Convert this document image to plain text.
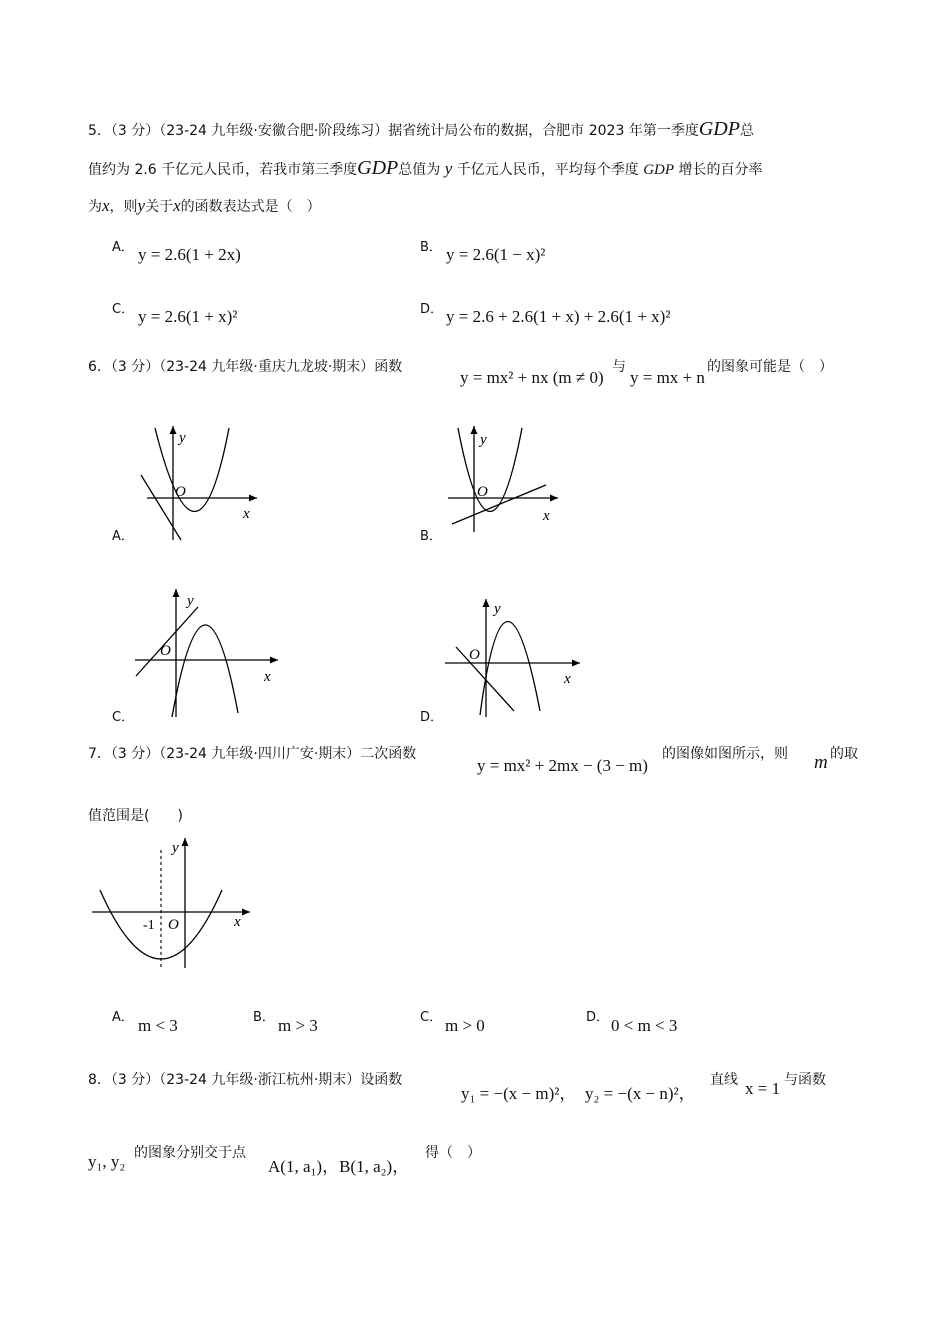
5．（3 分）（23-24 九年级·安徽合肥·阶段练习）据省统计局公布的数据，合肥市 2023 年第一季度GDP总
值约为 2.6 千亿元人民币，若我市第三季度GDP总值为 y 千亿元人民币，平均每个季度 GDP 增长的百分率
为x，则y关于x的函数表达式是（　）
A． y = 2.6(1 + 2x)	B． y = 2.6(1 − x)²
C． y = 2.6(1 + x)²	D． y = 2.6 + 2.6(1 + x) + 2.6(1 + x)²
6．（3 分）（23-24 九年级·重庆九龙坡·期末）函数
y = mx² + nx (m ≠ 0)
与
y = mx + n
的图象可能是（　）
y
O
x
A．
y
O
x
B．
y
O
x
C．
y
O
x
D．
7．（3 分）（23-24 九年级·四川广安·期末）二次函数
y = mx² + 2mx − (3 − m)
的图像如图所示，则 m 的取
值范围是(　　)
y
x
O
-1
A． m < 3	B． m > 3	C． m > 0	D． 0 < m < 3
8．（3 分）（23-24 九年级·浙江杭州·期末）设函数
y₁ = −(x − m)²， y₂ = −(x − n)²，
直线 x = 1 与函数
y₁, y₂ 的图象分别交于点
A(1, a₁)，B(1, a₂)，
得（　）
